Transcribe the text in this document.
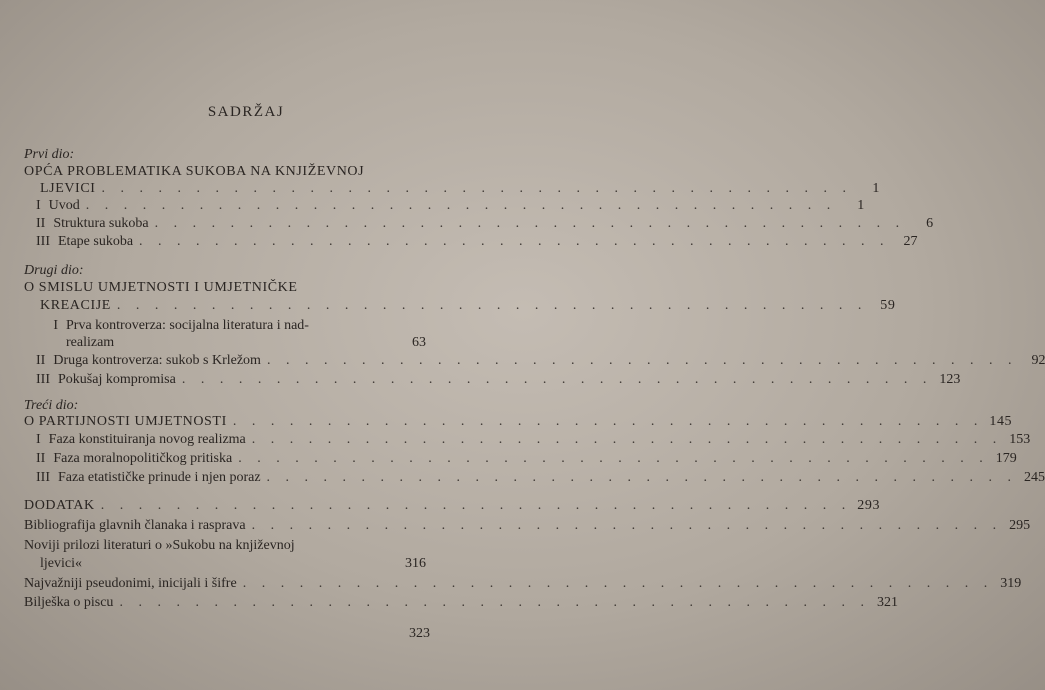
SADRŽAJ
Prvi dio:
OPĆA PROBLEMATIKA SUKOBA NA KNJIŽEVNOJ
LJEVICI . . . . . . . . . . . . . . . . . . . . . . . . . . . . . . . . . . . . . . . .	1
I Uvod . . . . . . . . . . . . . . . . . . . . . . . . . . . . . . . . . . . . . . . .	1
II Struktura sukoba . . . . . . . . . . . . . . . . . . . . . . . . . . . . . . . . . . . . . . . .	6
III Etape sukoba . . . . . . . . . . . . . . . . . . . . . . . . . . . . . . . . . . . . . . . .	27
Drugi dio:
O SMISLU UMJETNOSTI I UMJETNIČKE
KREACIJE . . . . . . . . . . . . . . . . . . . . . . . . . . . . . . . . . . . . . . . . 59
I Prva kontroverza: socijalna literatura i nad-
realizam	63
II Druga kontroverza: sukob s Krležom . . . . . . . . . . . . . . . . . . . . . . . . . . . . . . . . . . . . . . . .	92
III Pokušaj kompromisa . . . . . . . . . . . . . . . . . . . . . . . . . . . . . . . . . . . . . . . . 123
Treći dio:
O PARTIJNOSTI UMJETNOSTI . . . . . . . . . . . . . . . . . . . . . . . . . . . . . . . . . . . . . . . . 145
I Faza konstituiranja novog realizma . . . . . . . . . . . . . . . . . . . . . . . . . . . . . . . . . . . . . . . . 153
II Faza moralnopolitičkog pritiska . . . . . . . . . . . . . . . . . . . . . . . . . . . . . . . . . . . . . . . . 179
III Faza etatističke prinude i njen poraz . . . . . . . . . . . . . . . . . . . . . . . . . . . . . . . . . . . . . . . . 245
DODATAK . . . . . . . . . . . . . . . . . . . . . . . . . . . . . . . . . . . . . . . . 293
Bibliografija glavnih članaka i rasprava . . . . . . . . . . . . . . . . . . . . . . . . . . . . . . . . . . . . . . . . 295
Noviji prilozi literaturi o »Sukobu na književnoj
ljevici«	316
Najvažniji pseudonimi, inicijali i šifre . . . . . . . . . . . . . . . . . . . . . . . . . . . . . . . . . . . . . . . . 319
Bilješka o piscu . . . . . . . . . . . . . . . . . . . . . . . . . . . . . . . . . . . . . . . . 321
323
